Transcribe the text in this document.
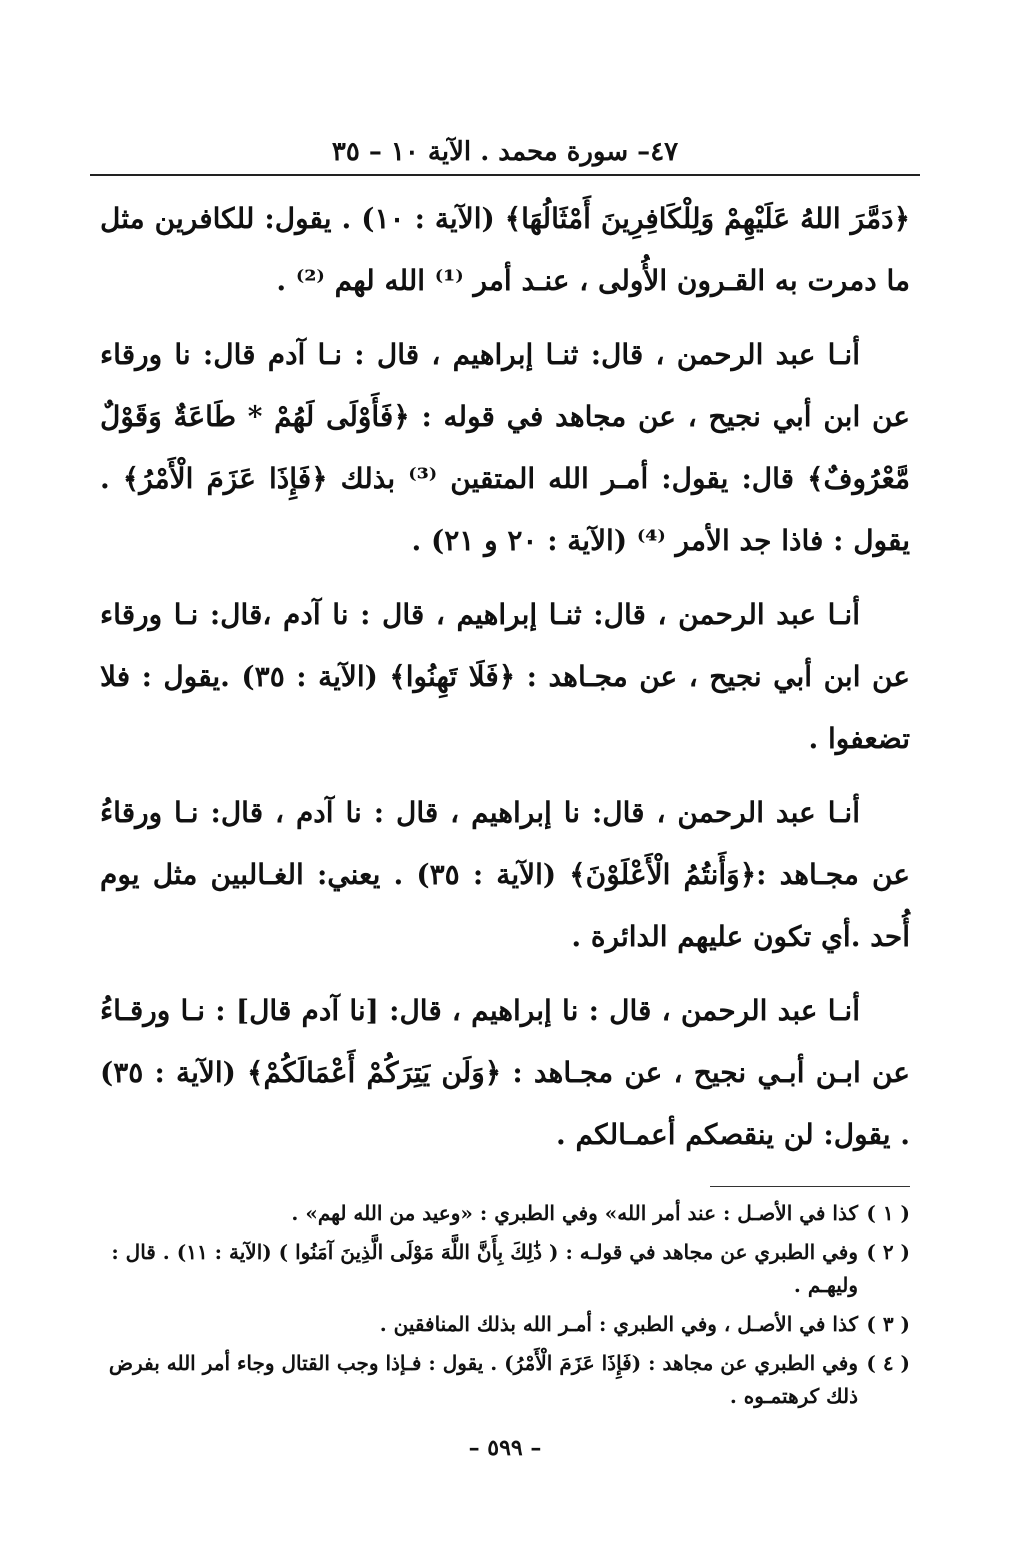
٤٧– سورة محمد . الآية ١٠ – ٣٥
﴿دَمَّرَ اللهُ عَلَيْهِمْ وَلِلْكَافِرِينَ أَمْثَالُهَا﴾ (الآية : ١٠) . يقول: للكافرين مثل ما دمرت به القـرون الأُولى ، عنـد أمر ⁽¹⁾ الله لهم ⁽²⁾ .
أنـا عبد الرحمن ، قال: ثنـا إبراهيم ، قال : نـا آدم قال: نا ورقاء عن ابن أبي نجيح ، عن مجاهد في قوله : ﴿فَأَوْلَى لَهُمْ * طَاعَةٌ وَقَوْلٌ مَّعْرُوفٌ﴾ قال: يقول: أمـر الله المتقين ⁽³⁾ بذلك ﴿فَإِذَا عَزَمَ الْأَمْرُ﴾ . يقول : فاذا جد الأمر ⁽⁴⁾ (الآية : ٢٠ و ٢١) .
أنـا عبد الرحمن ، قال: ثنـا إبراهيم ، قال : نا آدم ،قال: نـا ورقاء عن ابن أبي نجيح ، عن مجـاهد : ﴿فَلَا تَهِنُوا﴾ (الآية : ٣٥) .يقول : فلا تضعفوا .
أنـا عبد الرحمن ، قال: نا إبراهيم ، قال : نا آدم ، قال: نـا ورقاءُ عن مجـاهد :﴿وَأَنتُمُ الْأَعْلَوْنَ﴾ (الآية : ٣٥) . يعني: الغـالبين مثل يوم أُحد .أي تكون عليهم الدائرة .
أنـا عبد الرحمن ، قال : نا إبراهيم ، قال: [نا آدم قال] : نـا ورقـاءُ عن ابـن أبـي نجيح ، عن مجـاهد : ﴿وَلَن يَتِرَكُمْ أَعْمَالَكُمْ﴾ (الآية : ٣٥) . يقول: لن ينقصكم أعمـالكم .
( ١ )
كذا في الأصـل : عند أمر الله» وفي الطبري : «وعيد من الله لهم» .
( ٢ )
وفي الطبري عن مجاهد في قولـه : ( ذَٰلِكَ بِأَنَّ اللَّهَ مَوْلَى الَّذِينَ آمَنُوا ) (الآية : ١١) . قال : وليهـم .
( ٣ )
كذا في الأصـل ، وفي الطبري : أمـر الله بذلك المنافقين .
( ٤ )
وفي الطبري عن مجاهد : (فَإِذَا عَزَمَ الْأَمْرُ) . يقول : فـإذا وجب القتال وجاء أمر الله بفرض ذلك كرهتمـوه .
– ٥٩٩ –
